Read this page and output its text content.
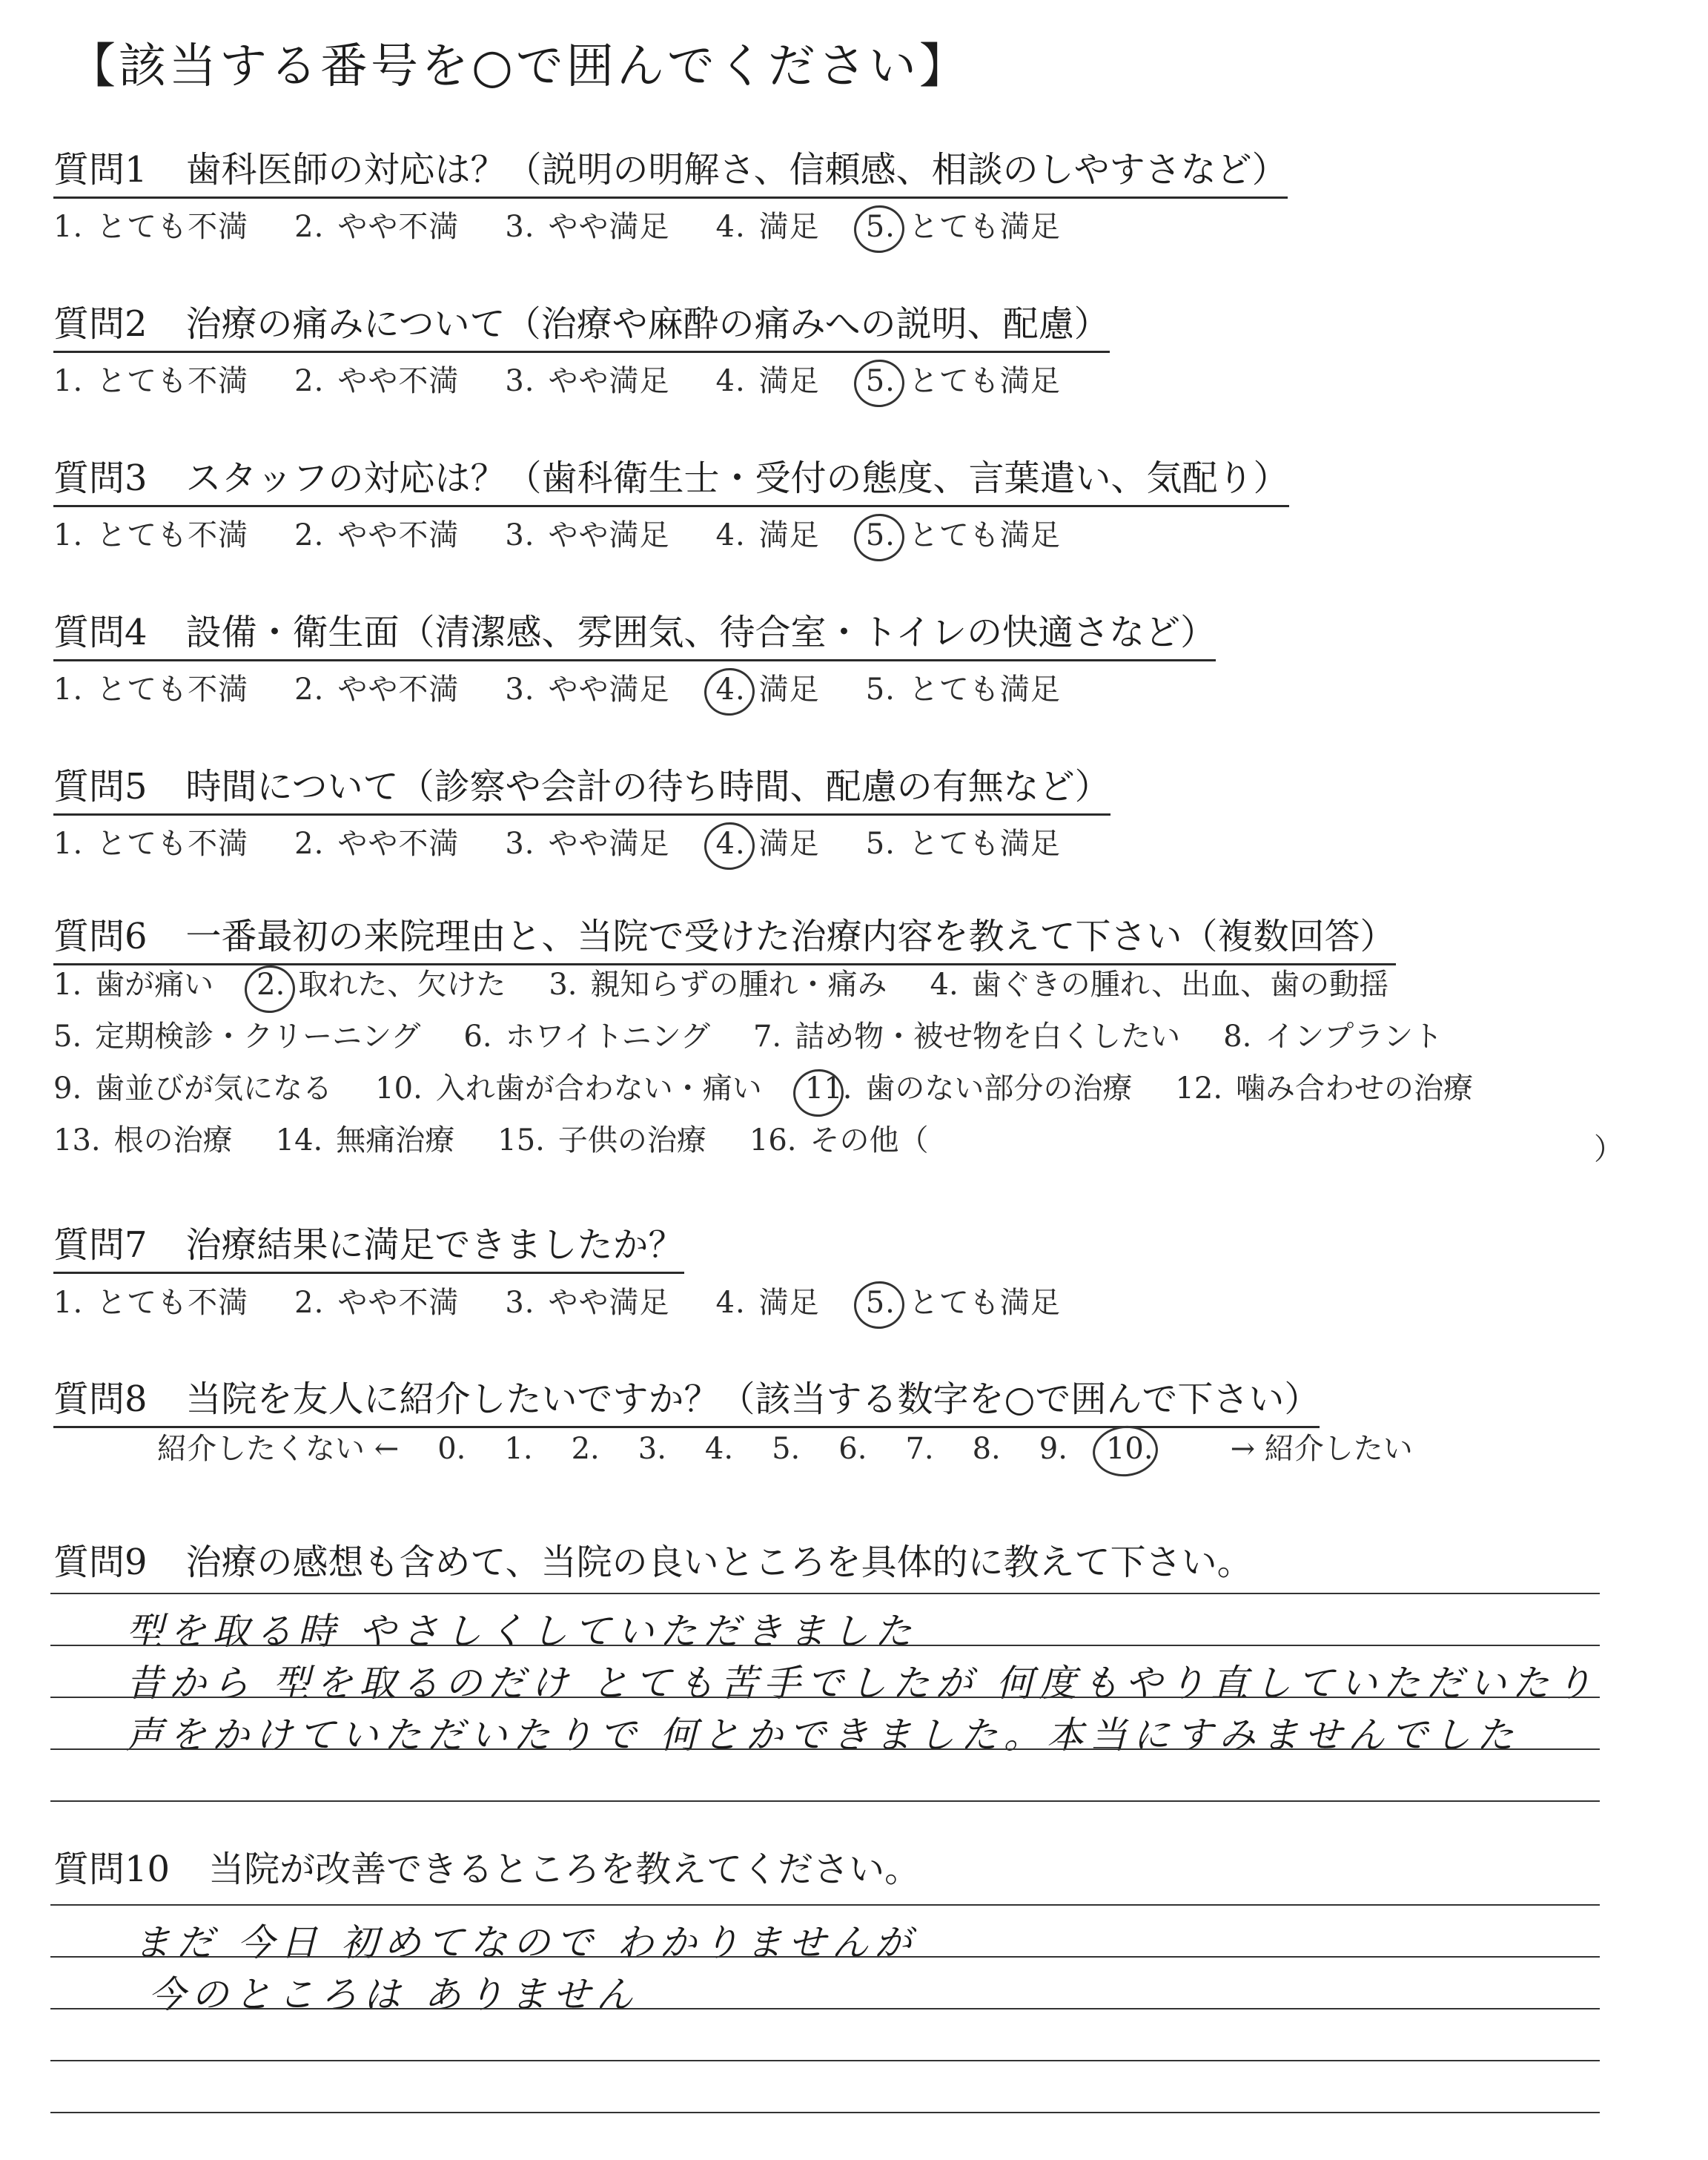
【該当する番号を○で囲んでください】
質問1 歯科医師の対応は？（説明の明解さ、信頼感、相談のしやすさなど）
1. とても不満 2. やや不満 3. やや満足 4. 満足 5. とても満足
質問2 治療の痛みについて（治療や麻酔の痛みへの説明、配慮）
1. とても不満 2. やや不満 3. やや満足 4. 満足 5. とても満足
質問3 スタッフの対応は？（歯科衛生士・受付の態度、言葉遣い、気配り）
1. とても不満 2. やや不満 3. やや満足 4. 満足 5. とても満足
質問4 設備・衛生面（清潔感、雰囲気、待合室・トイレの快適さなど）
1. とても不満 2. やや不満 3. やや満足 4. 満足 5. とても満足
質問5 時間について（診察や会計の待ち時間、配慮の有無など）
1. とても不満 2. やや不満 3. やや満足 4. 満足 5. とても満足
質問6 一番最初の来院理由と、当院で受けた治療内容を教えて下さい（複数回答）
1. 歯が痛い 2. 取れた、欠けた 3. 親知らずの腫れ・痛み 4. 歯ぐきの腫れ、出血、歯の動揺
5. 定期検診・クリーニング 6. ホワイトニング 7. 詰め物・被せ物を白くしたい 8. インプラント
9. 歯並びが気になる 10. 入れ歯が合わない・痛い 11. 歯のない部分の治療 12. 噛み合わせの治療
13. 根の治療 14. 無痛治療 15. 子供の治療 16. その他（	）
質問7 治療結果に満足できましたか？
1. とても不満 2. やや不満 3. やや満足 4. 満足 5. とても満足
質問8 当院を友人に紹介したいですか？（該当する数字を○で囲んで下さい）
紹介したくない ← 0. 1. 2. 3. 4. 5. 6. 7. 8. 9. 10.	→ 紹介したい
質問9 治療の感想も含めて、当院の良いところを具体的に教えて下さい。
型を取る時 やさしくしていただきました
昔から 型を取るのだけ とても苦手でしたが 何度もやり直していただいたり
声をかけていただいたりで 何とかできました。本当にすみませんでした
質問10 当院が改善できるところを教えてください。
まだ 今日 初めてなので わかりませんが
今のところは ありません
